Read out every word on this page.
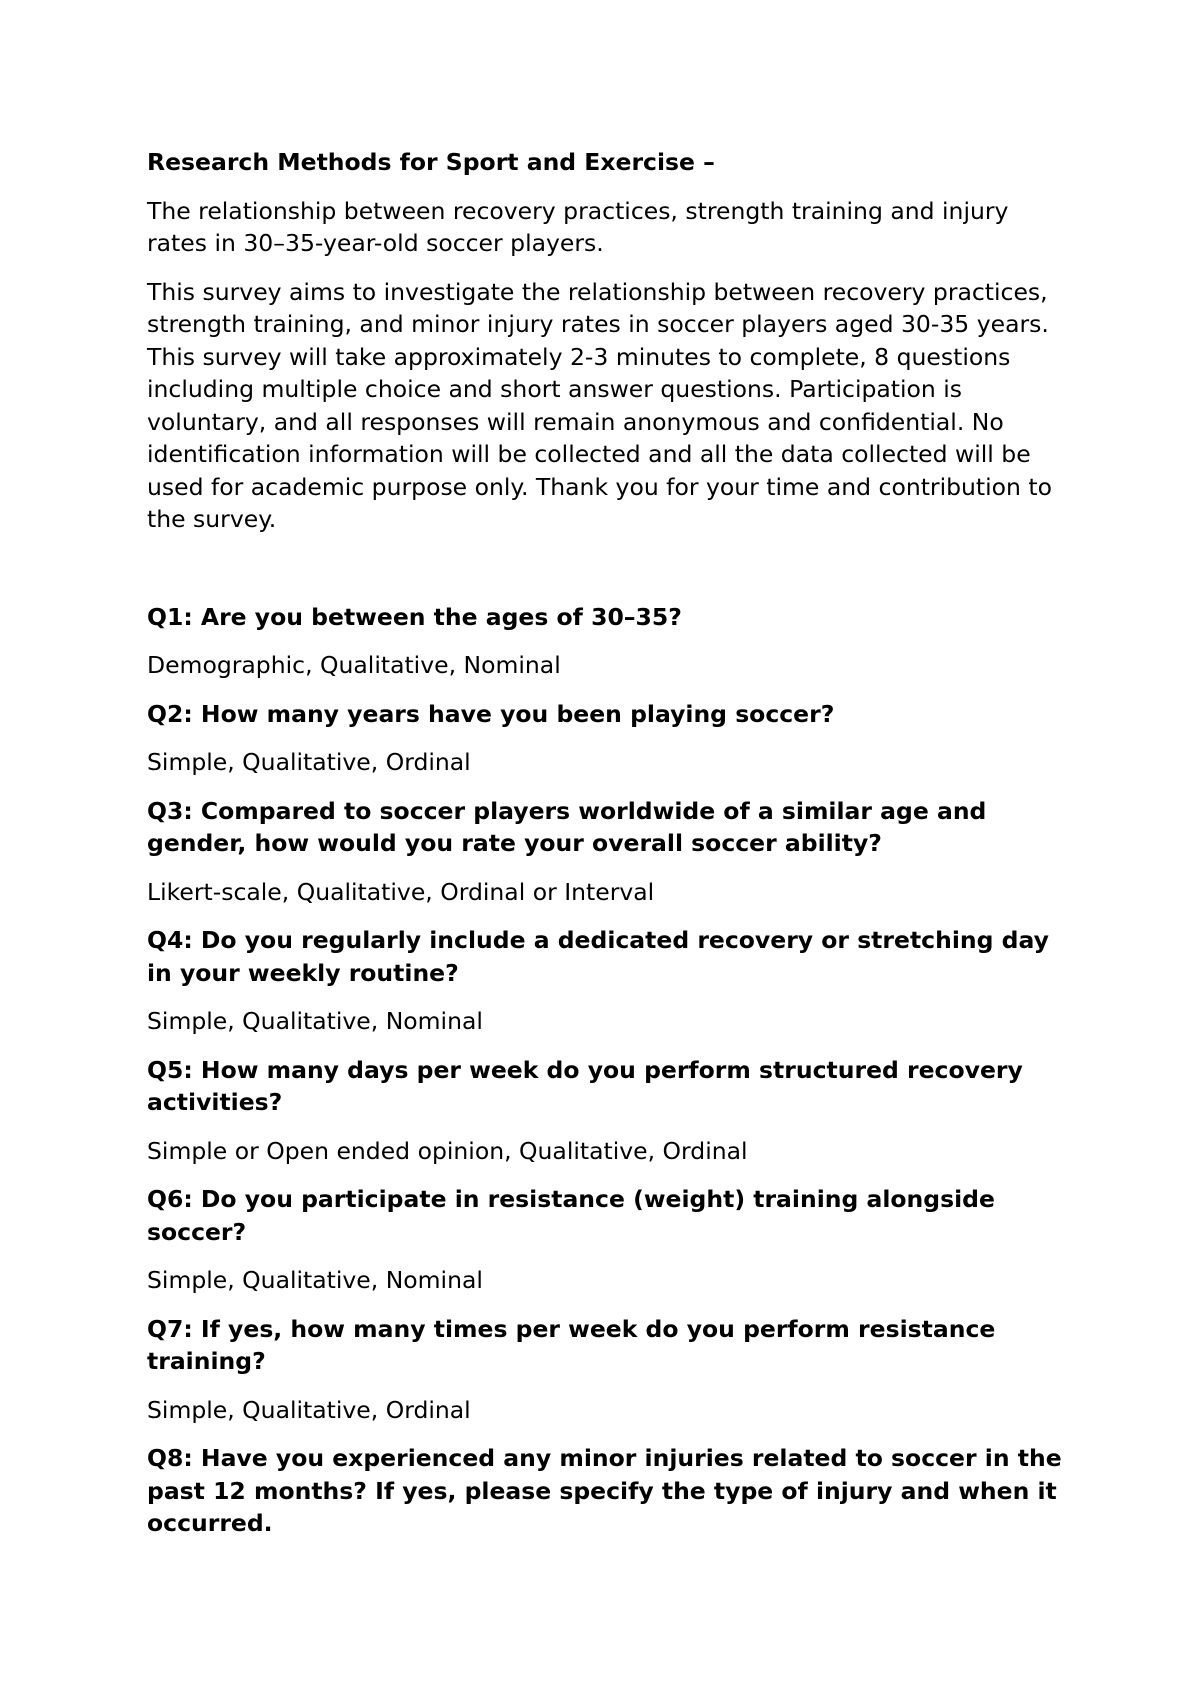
Research Methods for Sport and Exercise –

The relationship between recovery practices, strength training and injury rates in 30–35-year-old soccer players.

This survey aims to investigate the relationship between recovery practices, strength training, and minor injury rates in soccer players aged 30-35 years. This survey will take approximately 2-3 minutes to complete, 8 questions including multiple choice and short answer questions. Participation is voluntary, and all responses will remain anonymous and confidential. No identification information will be collected and all the data collected will be used for academic purpose only. Thank you for your time and contribution to the survey.

Q1: Are you between the ages of 30–35?

Demographic, Qualitative, Nominal

Q2: How many years have you been playing soccer?

Simple, Qualitative, Ordinal

Q3: Compared to soccer players worldwide of a similar age and gender, how would you rate your overall soccer ability?

Likert-scale, Qualitative, Ordinal or Interval

Q4: Do you regularly include a dedicated recovery or stretching day in your weekly routine?

Simple, Qualitative, Nominal

Q5: How many days per week do you perform structured recovery activities?

Simple or Open ended opinion, Qualitative, Ordinal

Q6: Do you participate in resistance (weight) training alongside soccer?

Simple, Qualitative, Nominal

Q7: If yes, how many times per week do you perform resistance training?

Simple, Qualitative, Ordinal

Q8: Have you experienced any minor injuries related to soccer in the past 12 months? If yes, please specify the type of injury and when it occurred.
